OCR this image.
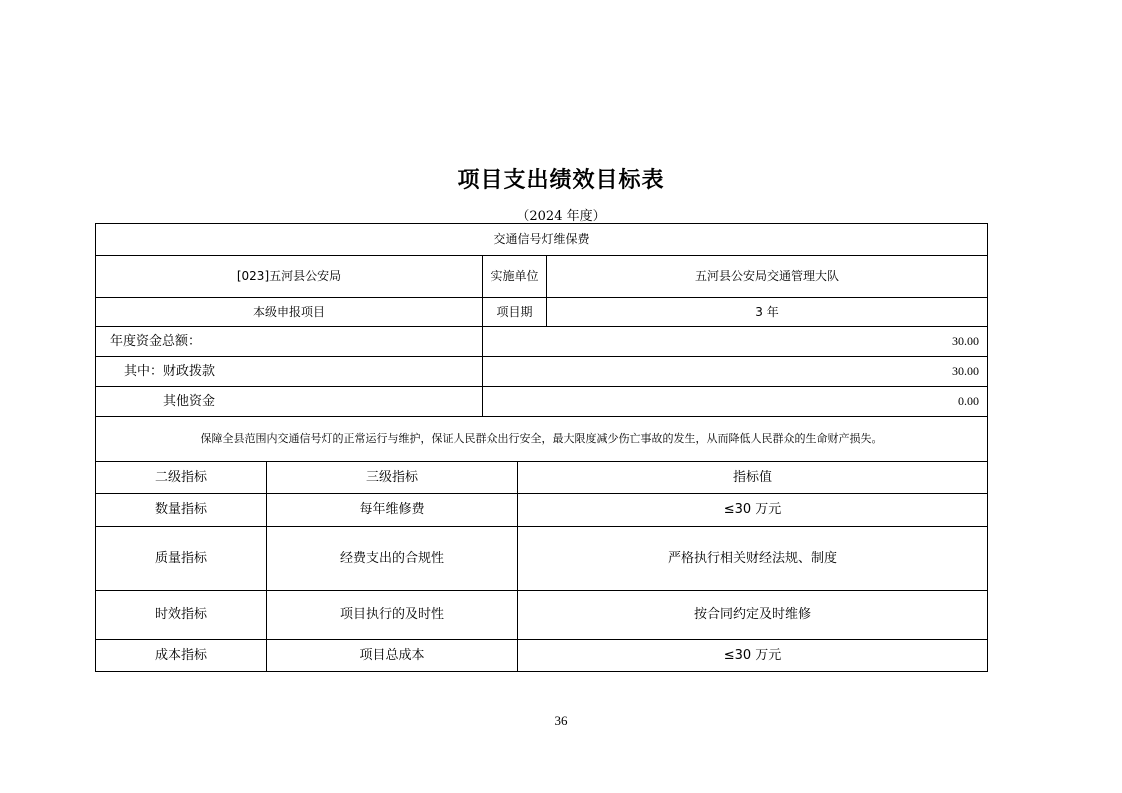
项目支出绩效目标表
（2024 年度）
交通信号灯维保费
[023]五河县公安局	实施单位	五河县公安局交通管理大队
本级申报项目	项目期	3 年
年度资金总额：	30.00
其中：财政拨款	30.00
其他资金	0.00
保障全县范围内交通信号灯的正常运行与维护，保证人民群众出行安全，最大限度减少伤亡事故的发生，从而降低人民群众的生命财产损失。
二级指标	三级指标	指标值
数量指标	每年维修费	≤30 万元
质量指标	经费支出的合规性	严格执行相关财经法规、制度
时效指标	项目执行的及时性	按合同约定及时维修
成本指标	项目总成本	≤30 万元
36
